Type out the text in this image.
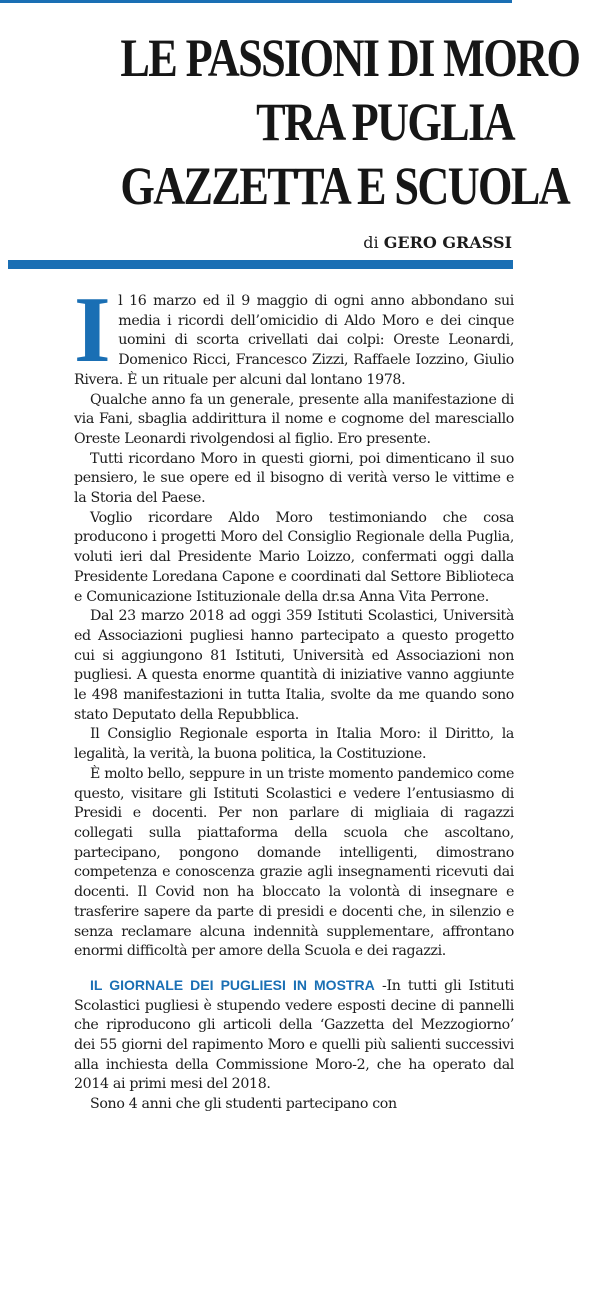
LE PASSIONI DI MORO
TRA PUGLIA
GAZZETTA E SCUOLA
di GERO GRASSI

Il 16 marzo ed il 9 maggio di ogni anno abbondano sui media i ricordi dell’omicidio di Aldo Moro e dei cinque uomini di scorta crivellati dai colpi: Oreste Leonardi, Domenico Ricci, Francesco Zizzi, Raffaele Iozzino, Giulio Rivera. È un rituale per alcuni dal lontano 1978.

Qualche anno fa un generale, presente alla manifestazione di via Fani, sbaglia addirittura il nome e cognome del maresciallo Oreste Leonardi rivolgendosi al figlio. Ero presente.

Tutti ricordano Moro in questi giorni, poi dimenticano il suo pensiero, le sue opere ed il bisogno di verità verso le vittime e la Storia del Paese.

Voglio ricordare Aldo Moro testimoniando che cosa producono i progetti Moro del Consiglio Regionale della Puglia, voluti ieri dal Presidente Mario Loizzo, confermati oggi dalla Presidente Loredana Capone e coordinati dal Settore Biblioteca e Comunicazione Istituzionale della dr.sa Anna Vita Perrone.

Dal 23 marzo 2018 ad oggi 359 Istituti Scolastici, Università ed Associazioni pugliesi hanno partecipato a questo progetto cui si aggiungono 81 Istituti, Università ed Associazioni non pugliesi. A questa enorme quantità di iniziative vanno aggiunte le 498 manifestazioni in tutta Italia, svolte da me quando sono stato Deputato della Repubblica.

Il Consiglio Regionale esporta in Italia Moro: il Diritto, la legalità, la verità, la buona politica, la Costituzione.

È molto bello, seppure in un triste momento pandemico come questo, visitare gli Istituti Scolastici e vedere l’entusiasmo di Presidi e docenti. Per non parlare di migliaia di ragazzi collegati sulla piattaforma della scuola che ascoltano, partecipano, pongono domande intelligenti, dimostrano competenza e conoscenza grazie agli insegnamenti ricevuti dai docenti. Il Covid non ha bloccato la volontà di insegnare e trasferire sapere da parte di presidi e docenti che, in silenzio e senza reclamare alcuna indennità supplementare, affrontano enormi difficoltà per amore della Scuola e dei ragazzi.

IL GIORNALE DEI PUGLIESI IN MOSTRA -In tutti gli Istituti Scolastici pugliesi è stupendo vedere esposti decine di pannelli che riproducono gli articoli della ‘Gazzetta del Mezzogiorno’ dei 55 giorni del rapimento Moro e quelli più salienti successivi alla inchiesta della Commissione Moro-2, che ha operato dal 2014 ai primi mesi del 2018.

Sono 4 anni che gli studenti partecipano con
